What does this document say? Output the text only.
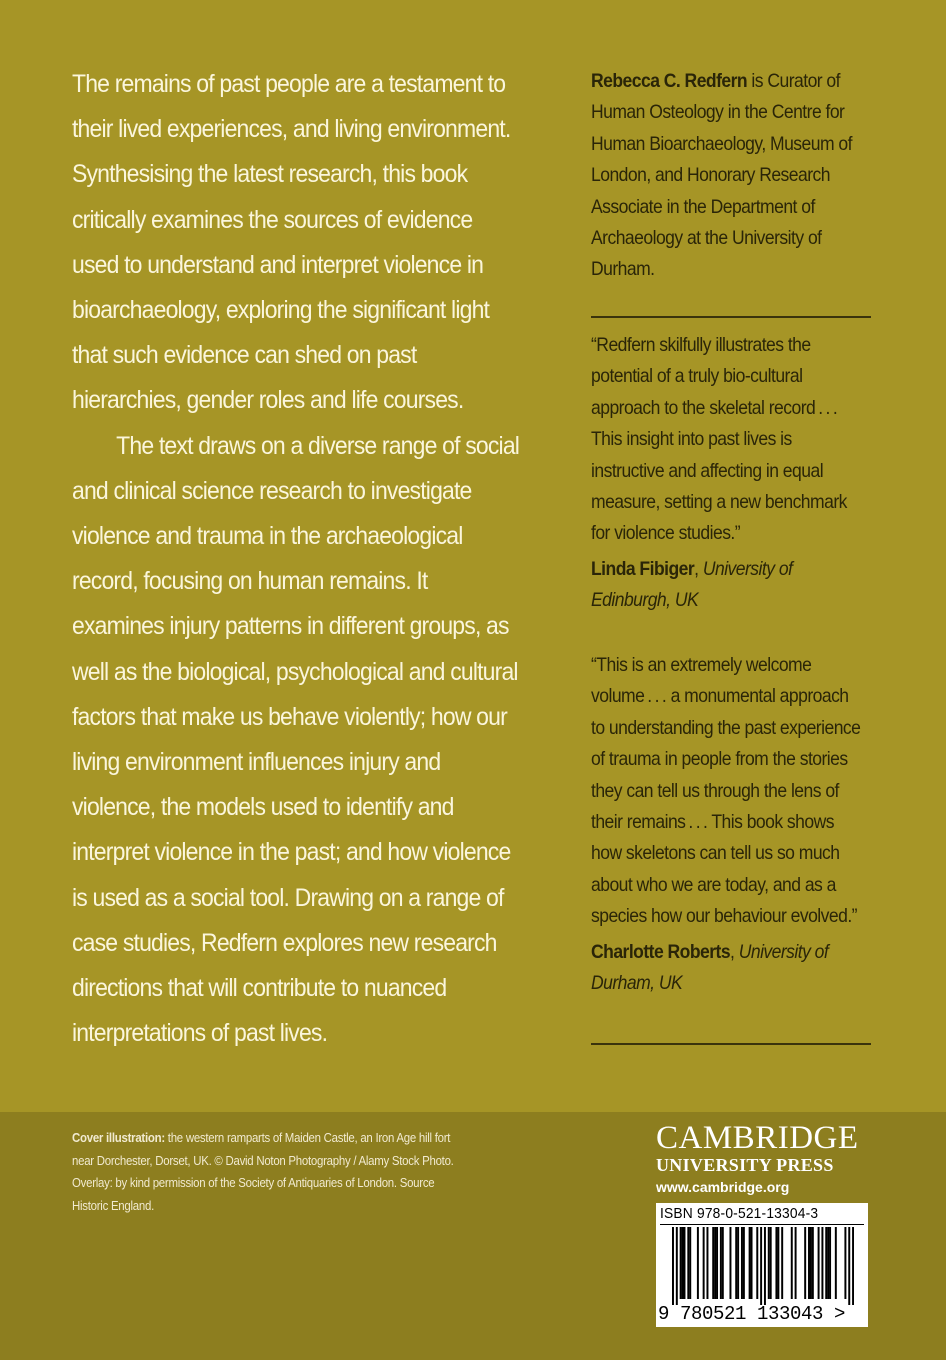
The remains of past people are a testament to their lived experiences, and living environment. Synthesising the latest research, this book critically examines the sources of evidence used to understand and interpret violence in bioarchaeology, exploring the significant light that such evidence can shed on past hierarchies, gender roles and life courses.

The text draws on a diverse range of social and clinical science research to investigate violence and trauma in the archaeological record, focusing on human remains. It examines injury patterns in different groups, as well as the biological, psychological and cultural factors that make us behave violently; how our living environment influences injury and violence, the models used to identify and interpret violence in the past; and how violence is used as a social tool. Drawing on a range of case studies, Redfern explores new research directions that will contribute to nuanced interpretations of past lives.

Rebecca C. Redfern is Curator of Human Osteology in the Centre for Human Bioarchaeology, Museum of London, and Honorary Research Associate in the Department of Archaeology at the University of Durham.

“Redfern skilfully illustrates the potential of a truly bio-cultural approach to the skeletal record . . . This insight into past lives is instructive and affecting in equal measure, setting a new benchmark for violence studies.”

Linda Fibiger, University of Edinburgh, UK

“This is an extremely welcome volume . . . a monumental approach to understanding the past experience of trauma in people from the stories they can tell us through the lens of their remains . . . This book shows how skeletons can tell us so much about who we are today, and as a species how our behaviour evolved.”

Charlotte Roberts, University of Durham, UK

Cover illustration: the western ramparts of Maiden Castle, an Iron Age hill fort near Dorchester, Dorset, UK. © David Noton Photography / Alamy Stock Photo. Overlay: by kind permission of the Society of Antiquaries of London. Source Historic England.
CAMBRIDGE
UNIVERSITY PRESS
www.cambridge.org
ISBN 978-0-521-13304-3
9 780521 133043 >
